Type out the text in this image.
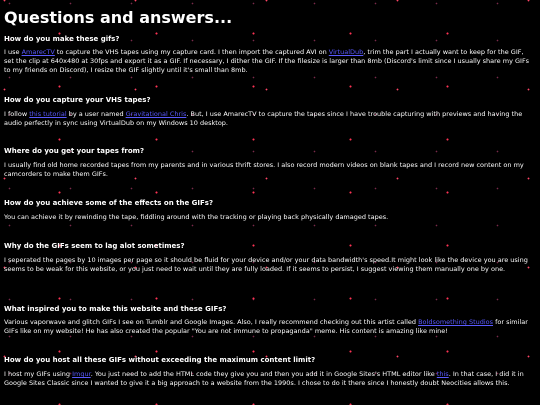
Questions and answers...

How do you make these gifs?

I use AmarecTV to capture the VHS tapes using my capture card. I then import the captured AVI on VirtualDub, trim the part I actually want to keep for the GIF, set the clip at 640x480 at 30fps and export it as a GIF. If necessary, I dither the GIF. If the filesize is larger than 8mb (Discord's limit since I usually share my GIFs to my friends on Discord), I resize the GIF slightly until it's small than 8mb.

How do you capture your VHS tapes?

I follow this tutorial by a user named Gravitational Chris. But, I use AmarecTV to capture the tapes since I have trouble capturing with previews and having the audio perfectly in sync using VirtualDub on my Windows 10 desktop.

Where do you get your tapes from?

I usually find old home recorded tapes from my parents and in various thrift stores. I also record modern videos on blank tapes and I record new content on my camcorders to make them GIFs.

How do you achieve some of the effects on the GIFs?

You can achieve it by rewinding the tape, fiddling around with the tracking or playing back physically damaged tapes.

Why do the GIFs seem to lag alot sometimes?

I seperated the pages by 10 images per page so it should be fluid for your device and/or your data bandwidth's speed.It might look like the device you are using seems to be weak for this website, or you just need to wait until they are fully loaded. If it seems to persist, I suggest viewing them manually one by one.

What inspired you to make this website and these GIFs?

Various vaporwave and glitch GIFs I see on Tumblr and Google Images. Also, I really recommend checking out this artist called Boldsomething Studios for similar GIFs like on my website! He has also created the popular "You are not immune to propaganda" meme. His content is amazing like mine!

How do you host all these GIFs without exceeding the maximum content limit?

I host my GIFs using Imgur. You just need to add the HTML code they give you and then you add it in Google Sites's HTML editor like this. In that case, I did it in Google Sites Classic since I wanted to give it a big approach to a website from the 1990s. I chose to do it there since I honestly doubt Neocities allows this.
